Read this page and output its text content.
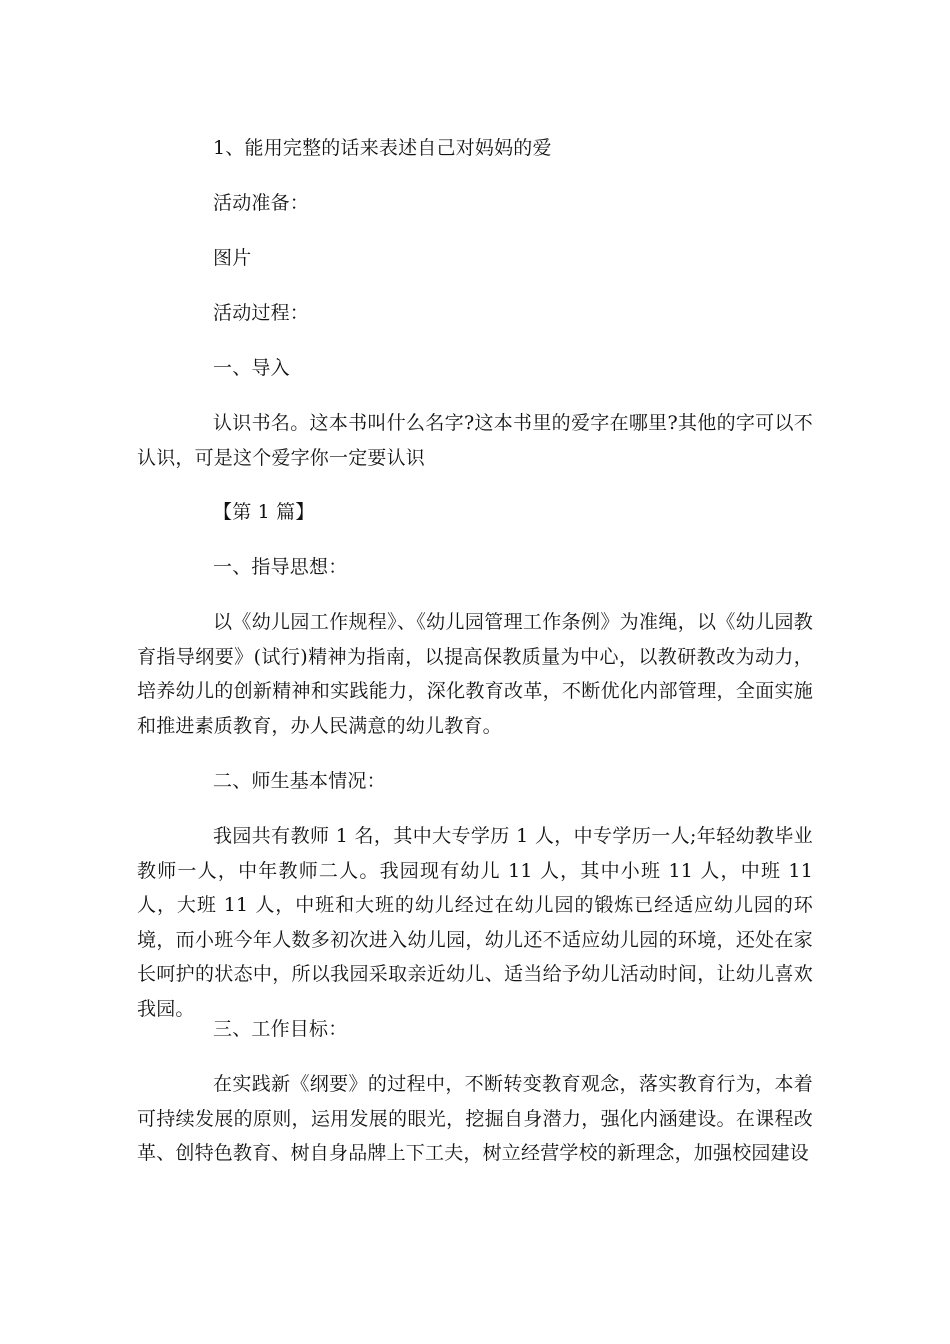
1、能用完整的话来表述自己对妈妈的爱

活动准备：

图片

活动过程：

一、导入

认识书名。这本书叫什么名字?这本书里的爱字在哪里?其他的字可以不认识，可是这个爱字你一定要认识

【第 1 篇】

一、指导思想：

以《幼儿园工作规程》、《幼儿园管理工作条例》为准绳，以《幼儿园教育指导纲要》(试行)精神为指南，以提高保教质量为中心，以教研教改为动力，培养幼儿的创新精神和实践能力，深化教育改革，不断优化内部管理，全面实施和推进素质教育，办人民满意的幼儿教育。

二、师生基本情况：

我园共有教师 1 名，其中大专学历 1 人，中专学历一人;年轻幼教毕业教师一人，中年教师二人。我园现有幼儿 11 人，其中小班 11 人，中班 11 人，大班 11 人，中班和大班的幼儿经过在幼儿园的锻炼已经适应幼儿园的环境，而小班今年人数多初次进入幼儿园，幼儿还不适应幼儿园的环境，还处在家长呵护的状态中，所以我园采取亲近幼儿、适当给予幼儿活动时间，让幼儿喜欢我园。

三、工作目标：

在实践新《纲要》的过程中，不断转变教育观念，落实教育行为，本着可持续发展的原则，运用发展的眼光，挖掘自身潜力，强化内涵建设。在课程改革、创特色教育、树自身品牌上下工夫，树立经营学校的新理念，加强校园建设
